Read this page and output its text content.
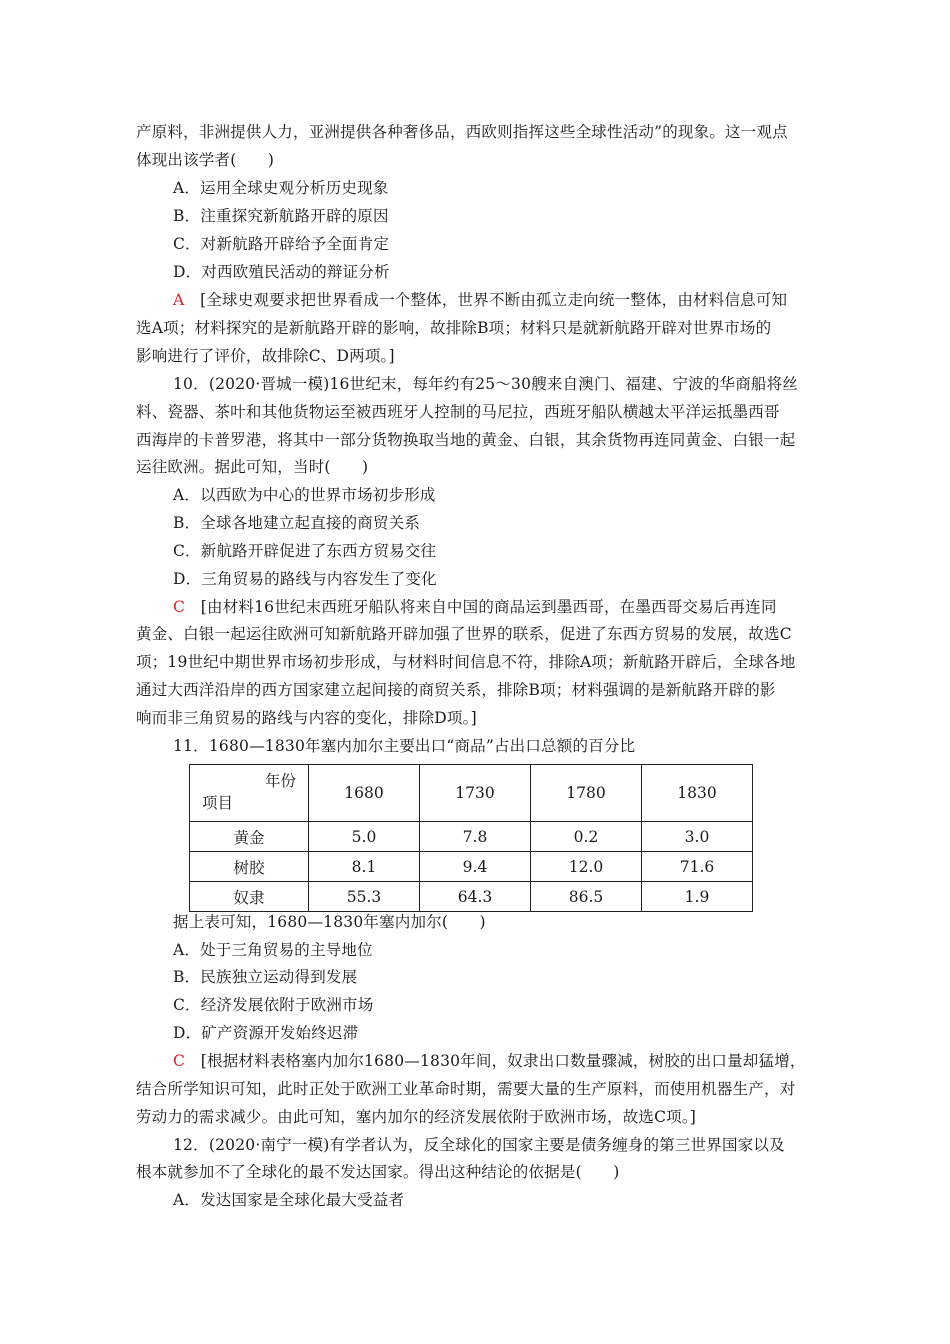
产原料，非洲提供人力，亚洲提供各种奢侈品，西欧则指挥这些全球性活动”的现象。这一观点
体现出该学者(　　)
A．运用全球史观分析历史现象
B．注重探究新航路开辟的原因
C．对新航路开辟给予全面肯定
D．对西欧殖民活动的辩证分析
A　 [全球史观要求把世界看成一个整体，世界不断由孤立走向统一整体，由材料信息可知
选A项；材料探究的是新航路开辟的影响，故排除B项；材料只是就新航路开辟对世界市场的
影响进行了评价，故排除C、D两项。]
10．(2020·晋城一模)16世纪末，每年约有25～30艘来自澳门、福建、宁波的华商船将丝
料、瓷器、茶叶和其他货物运至被西班牙人控制的马尼拉，西班牙船队横越太平洋运抵墨西哥
西海岸的卡普罗港，将其中一部分货物换取当地的黄金、白银，其余货物再连同黄金、白银一起
运往欧洲。据此可知，当时(　　)
A．以西欧为中心的世界市场初步形成
B．全球各地建立起直接的商贸关系
C．新航路开辟促进了东西方贸易交往
D．三角贸易的路线与内容发生了变化
C　 [由材料16世纪末西班牙船队将来自中国的商品运到墨西哥，在墨西哥交易后再连同
黄金、白银一起运往欧洲可知新航路开辟加强了世界的联系，促进了东西方贸易的发展，故选C
项；19世纪中期世界市场初步形成，与材料时间信息不符，排除A项；新航路开辟后，全球各地
通过大西洋沿岸的西方国家建立起间接的商贸关系，排除B项；材料强调的是新航路开辟的影
响而非三角贸易的路线与内容的变化，排除D项。]
11．1680—1830年塞内加尔主要出口“商品”占出口总额的百分比
年份
项目	1680	1730	1780	1830
黄金	5.0	7.8	0.2	3.0
树胶	8.1	9.4	12.0	71.6
奴隶	55.3	64.3	86.5	1.9
据上表可知，1680—1830年塞内加尔(　　)
A．处于三角贸易的主导地位
B．民族独立运动得到发展
C．经济发展依附于欧洲市场
D．矿产资源开发始终迟滞
C　 [根据材料表格塞内加尔1680—1830年间，奴隶出口数量骤减，树胶的出口量却猛增，
结合所学知识可知，此时正处于欧洲工业革命时期，需要大量的生产原料，而使用机器生产，对
劳动力的需求减少。由此可知，塞内加尔的经济发展依附于欧洲市场，故选C项。]
12．(2020·南宁一模)有学者认为，反全球化的国家主要是债务缠身的第三世界国家以及
根本就参加不了全球化的最不发达国家。得出这种结论的依据是(　　)
A．发达国家是全球化最大受益者
